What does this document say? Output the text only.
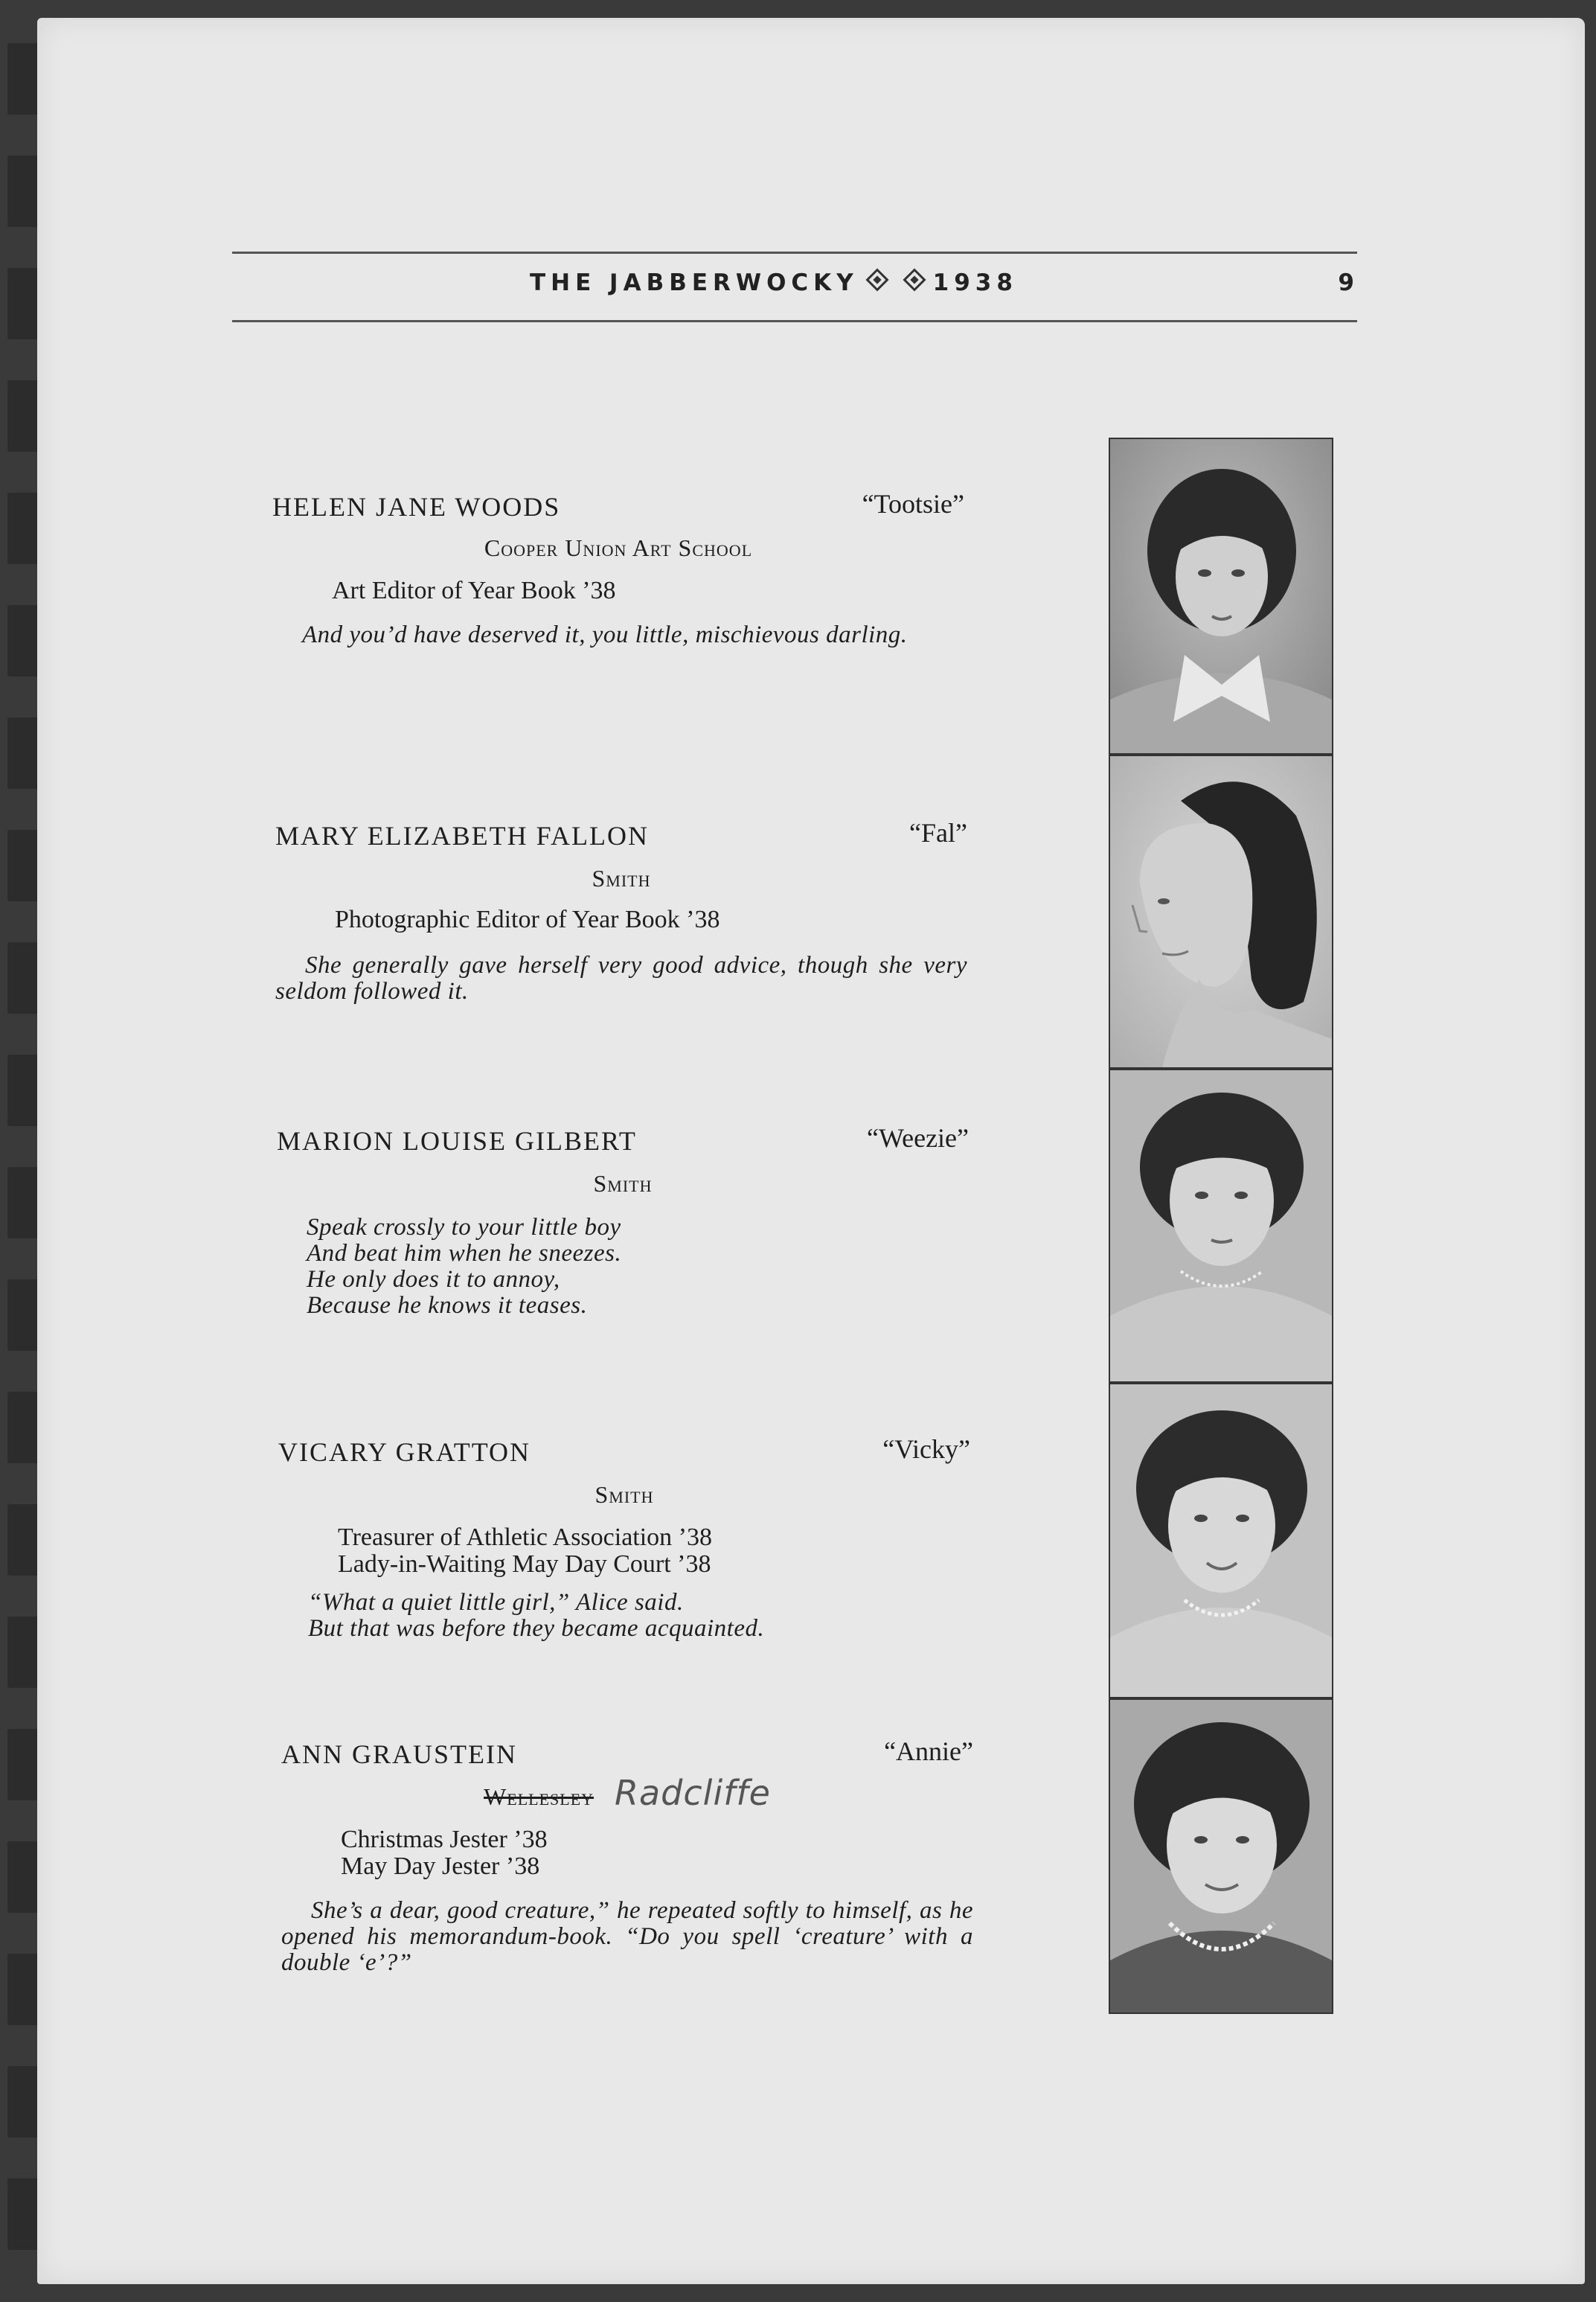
THE JABBERWOCKY	1938	9
HELEN JANE WOODS	“Tootsie”
Cooper Union Art School
Art Editor of Year Book ’38
And you’d have deserved it, you little, mischievous darling.
MARY ELIZABETH FALLON	“Fal”
Smith
Photographic Editor of Year Book ’38
She generally gave herself very good advice, though she very seldom followed it.
MARION LOUISE GILBERT	“Weezie”
Smith
Speak crossly to your little boy
And beat him when he sneezes.
He only does it to annoy,
Because he knows it teases.
VICARY GRATTON	“Vicky”
Smith
Treasurer of Athletic Association ’38
Lady-in-Waiting May Day Court ’38
“What a quiet little girl,” Alice said.
But that was before they became acquainted.
ANN GRAUSTEIN	“Annie”
Wellesley Radcliffe
Christmas Jester ’38
May Day Jester ’38
She’s a dear, good creature,” he repeated softly to himself, as he opened his memorandum-book. “Do you spell ‘creature’ with a double ‘e’?”
